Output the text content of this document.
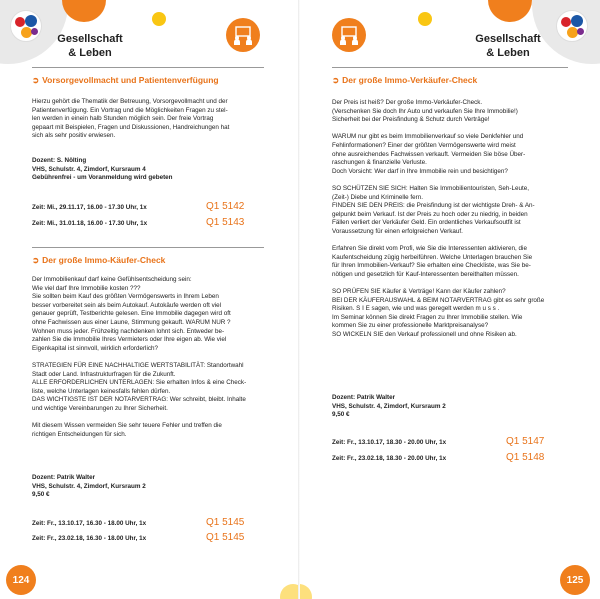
Gesellschaft
& Leben
➲ Vorsorgevollmacht und Patientenverfügung

Hierzu gehört die Thematik der Betreuung, Vorsorgevollmacht und der

Patientenverfügung. Ein Vortrag und die Möglichkeiten Fragen zu stel-

len werden in einein halb Stunden möglich sein. Der freie Vortrag

gepaart mit Beispielen, Fragen und Diskussionen, Handreichungen hat

sich als sehr positiv erwiesen.

Dozent: S. Nölting

VHS, Schulstr. 4, Zimdorf, Kursraum 4

Gebührenfrei - um Voranmeldung wird gebeten

Zeit: Mi., 29.11.17, 16.00 - 17.30 Uhr, 1x	Q1 5142
Zeit: Mi., 31.01.18, 16.00 - 17.30 Uhr, 1x	Q1 5143
➲ Der große Immo-Käufer-Check

Der Immobilienkauf darf keine Gefühlsentscheidung sein:

Wie viel darf Ihre Immobilie kosten ???

Sie sollten beim Kauf des größten Vermögenswerts in Ihrem Leben

besser vorbereitet sein als beim Autokauf. Autokäufe werden oft viel

genauer geprüft, Testberichte gelesen. Eine Immobilie dagegen wird oft

ohne Fachwissen aus einer Laune, Stimmung gekauft. WARUM NUR ?

Wohnen muss jeder. Frühzeitig nachdenken lohnt sich. Entweder be-

zahlen Sie die Immobilie Ihres Vermieters oder Ihre eigen ab. Wie viel

Eigenkapital ist sinnvoll, wirklich erforderlich?

STRATEGIEN FÜR EINE NACHHALTIGE WERTSTABILITÄT: Standortwahl

Stadt oder Land. Infrastrukturfragen für die Zukunft.

ALLE ERFORDERLICHEN UNTERLAGEN: Sie erhalten Infos & eine Check-

liste, welche Unterlagen keinesfalls fehlen dürfen.

DAS WICHTIGSTE IST DER NOTARVERTRAG: Wer schreibt, bleibt. Inhalte

und wichtige Vereinbarungen zu Ihrer Sicherheit.

Mit diesem Wissen vermeiden Sie sehr teuere Fehler und treffen die

richtigen Entscheidungen für sich.

Dozent: Patrik Walter

VHS, Schulstr. 4, Zimdorf, Kursraum 2

9,50 €

Zeit: Fr., 13.10.17, 16.30 - 18.00 Uhr, 1x	Q1 5145
Zeit: Fr., 23.02.18, 16.30 - 18.00 Uhr, 1x	Q1 5145
124
Gesellschaft
& Leben
➲ Der große Immo-Verkäufer-Check

Der Preis ist heiß? Der große Immo-Verkäufer-Check.

(Verschenken Sie doch Ihr Auto und verkaufen Sie Ihre Immobilie!)

Sicherheit bei der Preisfindung & Schutz durch Verträge!

WARUM nur gibt es beim Immobilienverkauf so viele Denkfehler und

Fehlinformationen? Einer der größten Vermögenswerte wird meist

ohne ausreichendes Fachwissen verkauft. Vermeiden Sie böse Über-

raschungen & finanzielle Verluste.

Doch Vorsicht: Wer darf in Ihre Immobilie rein und besichtigen?

SO SCHÜTZEN SIE SICH: Halten Sie Immobilientouristen, Seh-Leute,

(Zeit-) Diebe und Kriminelle fern.

FINDEN SIE DEN PREIS: die Preisfindung ist der wichtigste Dreh- & An-

gelpunkt beim Verkauf. Ist der Preis zu hoch oder zu niedrig, in beiden

Fällen verliert der Verkäufer Geld. Ein ordentliches Verkaufsoutfit ist

Voraussetzung für einen erfolgreichen Verkauf.

Erfahren Sie direkt vom Profi, wie Sie die Interessenten aktivieren, die

Kaufentscheidung zügig herbeiführen. Welche Unterlagen brauchen Sie

für Ihren Immobilien-Verkauf? Sie erhalten eine Checkliste, was Sie be-

nötigen und gesetzlich für Kauf-Interessenten bereithalten müssen.

SO PRÜFEN SIE Käufer & Verträge! Kann der Käufer zahlen?

BEI DER KÄUFERAUSWAHL & BEIM NOTARVERTRAG gibt es sehr große

Risiken. S I E sagen, wie und was geregelt werden m u s s .

Im Seminar können Sie direkt Fragen zu Ihrer Immobilie stellen. Wie

kommen Sie zu einer professionelle Marktpreisanalyse?

SO WICKELN SIE den Verkauf professionell und ohne Risiken ab.

Dozent: Patrik Walter

VHS, Schulstr. 4, Zimdorf, Kursraum 2

9,50 €

Zeit: Fr., 13.10.17, 18.30 - 20.00 Uhr, 1x	Q1 5147
Zeit: Fr., 23.02.18, 18.30 - 20.00 Uhr, 1x	Q1 5148
125
